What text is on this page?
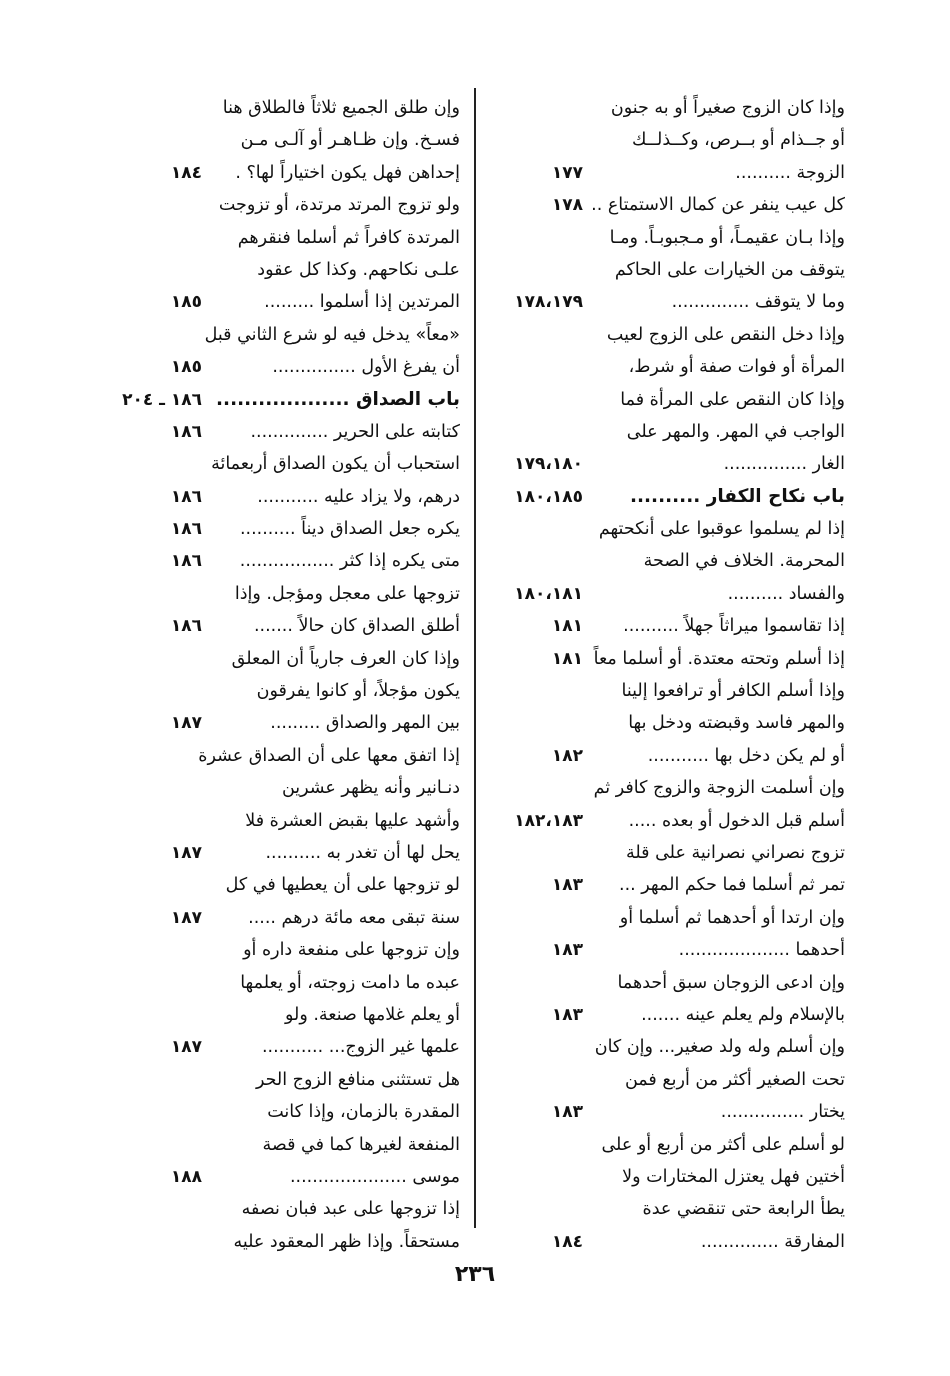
وإذا كان الزوج صغيراً أو به جنون
أو جــذام أو بــرص، وكــذلــك
الزوجة ..........
١٧٧
كل عيب ينفر عن كمال الاستمتاع ..
١٧٨
وإذا بـان عقيمـاً، أو مـجبوبـاً. ومـا
يتوقف من الخيارات على الحاكم
وما لا يتوقف ..............
١٧٨،١٧٩
وإذا دخل النقص على الزوج لعيب
المرأة أو فوات صفة أو شرط،
وإذا كان النقص على المرأة فما
الواجب في المهر. والمهر على
الغار ...............
١٧٩،١٨٠
باب نكاح الكفار ..........
١٨٠،١٨٥
إذا لم يسلموا عوقبوا على أنكحتهم
المحرمة. الخلاف في الصحة
والفساد ..........
١٨٠،١٨١
إذا تقاسموا ميراثاً جهلاً ..........
١٨١
إذا أسلم وتحته معتدة. أو أسلما معاً
١٨١
وإذا أسلم الكافر أو ترافعوا إلينا
والمهر فاسد وقبضته ودخل بها
أو لم يكن دخل بها ...........
١٨٢
وإن أسلمت الزوجة والزوج كافر ثم
أسلم قبل الدخول أو بعده .....
١٨٢،١٨٣
تزوج نصراني نصرانية على قلة
تمر ثم أسلما فما حكم المهر ...
١٨٣
وإن ارتدا أو أحدهما ثم أسلما أو
أحدهما ....................
١٨٣
وإن ادعى الزوجان سبق أحدهما
بالإسلام ولم يعلم عينه .......
١٨٣
وإن أسلم وله ولد صغير... وإن كان
تحت الصغير أكثر من أربع فمن
يختار ...............
١٨٣
لو أسلم على أكثر من أربع أو على
أختين فهل يعتزل المختارات ولا
يطأ الرابعة حتى تنقضي عدة
المفارقة ..............
١٨٤
وإن طلق الجميع ثلاثاً فالطلاق هنا
فسـخ. وإن ظـاهـر أو آلـى مـن
إحداهن فهل يكون اختياراً لها؟ .
١٨٤
ولو تزوج المرتد مرتدة، أو تزوجت
المرتدة كافراً ثم أسلما فنقرهم
علـى نكاحهم. وكذا كل عقود
المرتدين إذا أسلموا .........
١٨٥
«معاً» يدخل فيه لو شرع الثاني قبل
أن يفرغ الأول ...............
١٨٥
باب الصداق ...................
١٨٦ ـ ٢٠٤
كتابته على الحرير ..............
١٨٦
استحباب أن يكون الصداق أربعمائة
درهم، ولا يزاد عليه ...........
١٨٦
يكره جعل الصداق ديناً ..........
١٨٦
متى يكره إذا كثر .................
١٨٦
تزوجها على معجل ومؤجل. وإذا
أطلق الصداق كان حالاً .......
١٨٦
وإذا كان العرف جارياً أن المعلق
يكون مؤجلاً، أو كانوا يفرقون
بين المهر والصداق .........
١٨٧
إذا اتفق معها على أن الصداق عشرة
دنـانير وأنه يظهر عشرين
وأشهد عليها بقبض العشرة فلا
يحل لها أن تغدر به ..........
١٨٧
لو تزوجها على أن يعطيها في كل
سنة تبقى معه مائة درهم .....
١٨٧
وإن تزوجها على منفعة داره أو
عبده ما دامت زوجته، أو يعلمها
أو يعلم غلامها صنعة. ولو
علمها غير الزوج... ...........
١٨٧
هل تستثنى منافع الزوج الحر
المقدرة بالزمان، وإذا كانت
المنفعة لغيرها كما في قصة
موسى .....................
١٨٨
إذا تزوجها على عبد فبان نصفه
مستحقاً. وإذا ظهر المعقود عليه
٢٣٦
